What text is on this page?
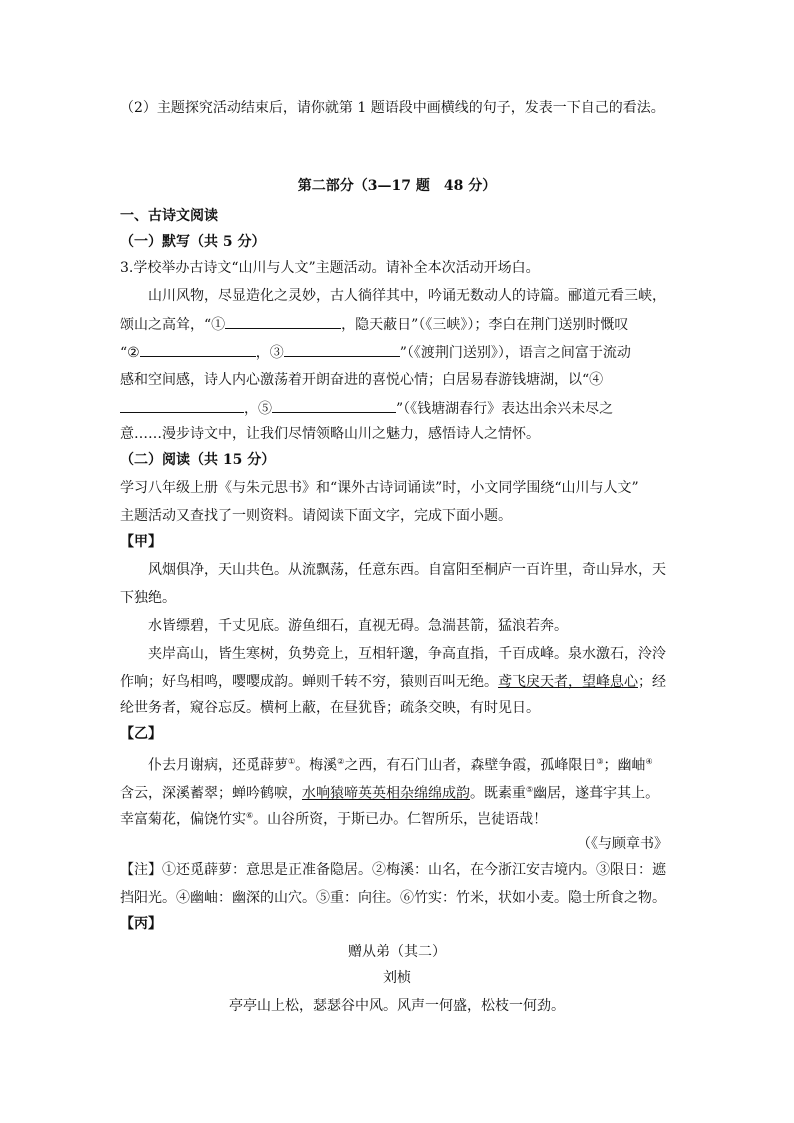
（2）主题探究活动结束后，请你就第 1 题语段中画横线的句子，发表一下自己的看法。
第二部分（3—17 题　48 分）
一、古诗文阅读
（一）默写（共 5 分）
3.学校举办古诗文“山川与人文”主题活动。请补全本次活动开场白。
山川风物，尽显造化之灵妙，古人徜徉其中，吟诵无数动人的诗篇。郦道元看三峡，
颂山之高耸，“①	，隐天蔽日”（《三峡》）；李白在荆门送别时慨叹
“②	，③	”（《渡荆门送别》），语言之间富于流动
感和空间感，诗人内心激荡着开朗奋进的喜悦心情；白居易春游钱塘湖，以“④
，⑤	”（《钱塘湖春行》表达出余兴未尽之
意……漫步诗文中，让我们尽情领略山川之魅力，感悟诗人之情怀。
（二）阅读（共 15 分）
学习八年级上册《与朱元思书》和“课外古诗词诵读”时，小文同学围绕“山川与人文”
主题活动又查找了一则资料。请阅读下面文字，完成下面小题。
【甲】
风烟俱净，天山共色。从流飘荡，任意东西。自富阳至桐庐一百许里，奇山异水，天
下独绝。
水皆缥碧，千丈见底。游鱼细石，直视无碍。急湍甚箭，猛浪若奔。
夹岸高山，皆生寒树，负势竞上，互相轩邈，争高直指，千百成峰。泉水激石，泠泠
作响；好鸟相鸣，嘤嘤成韵。蝉则千转不穷，猿则百叫无绝。鸢飞戾天者，望峰息心；经
纶世务者，窥谷忘反。横柯上蔽，在昼犹昏；疏条交映，有时见日。
【乙】
仆去月谢病，还觅薜萝①。梅溪②之西，有石门山者，森壁争霞，孤峰限日③；幽岫④
含云，深溪蓄翠；蝉吟鹤唳，水响猿啼英英相杂绵绵成韵。既素重⑤幽居，遂葺宇其上。
幸富菊花，偏饶竹实⑥。山谷所资，于斯已办。仁智所乐，岂徒语哉！
（《与顾章书》
【注】①还觅薜萝：意思是正准备隐居。②梅溪：山名，在今浙江安吉境内。③限日：遮
挡阳光。④幽岫：幽深的山穴。⑤重：向往。⑥竹实：竹米，状如小麦。隐士所食之物。
【丙】
赠从弟（其二）
刘桢
亭亭山上松，瑟瑟谷中风。风声一何盛，松枝一何劲。
